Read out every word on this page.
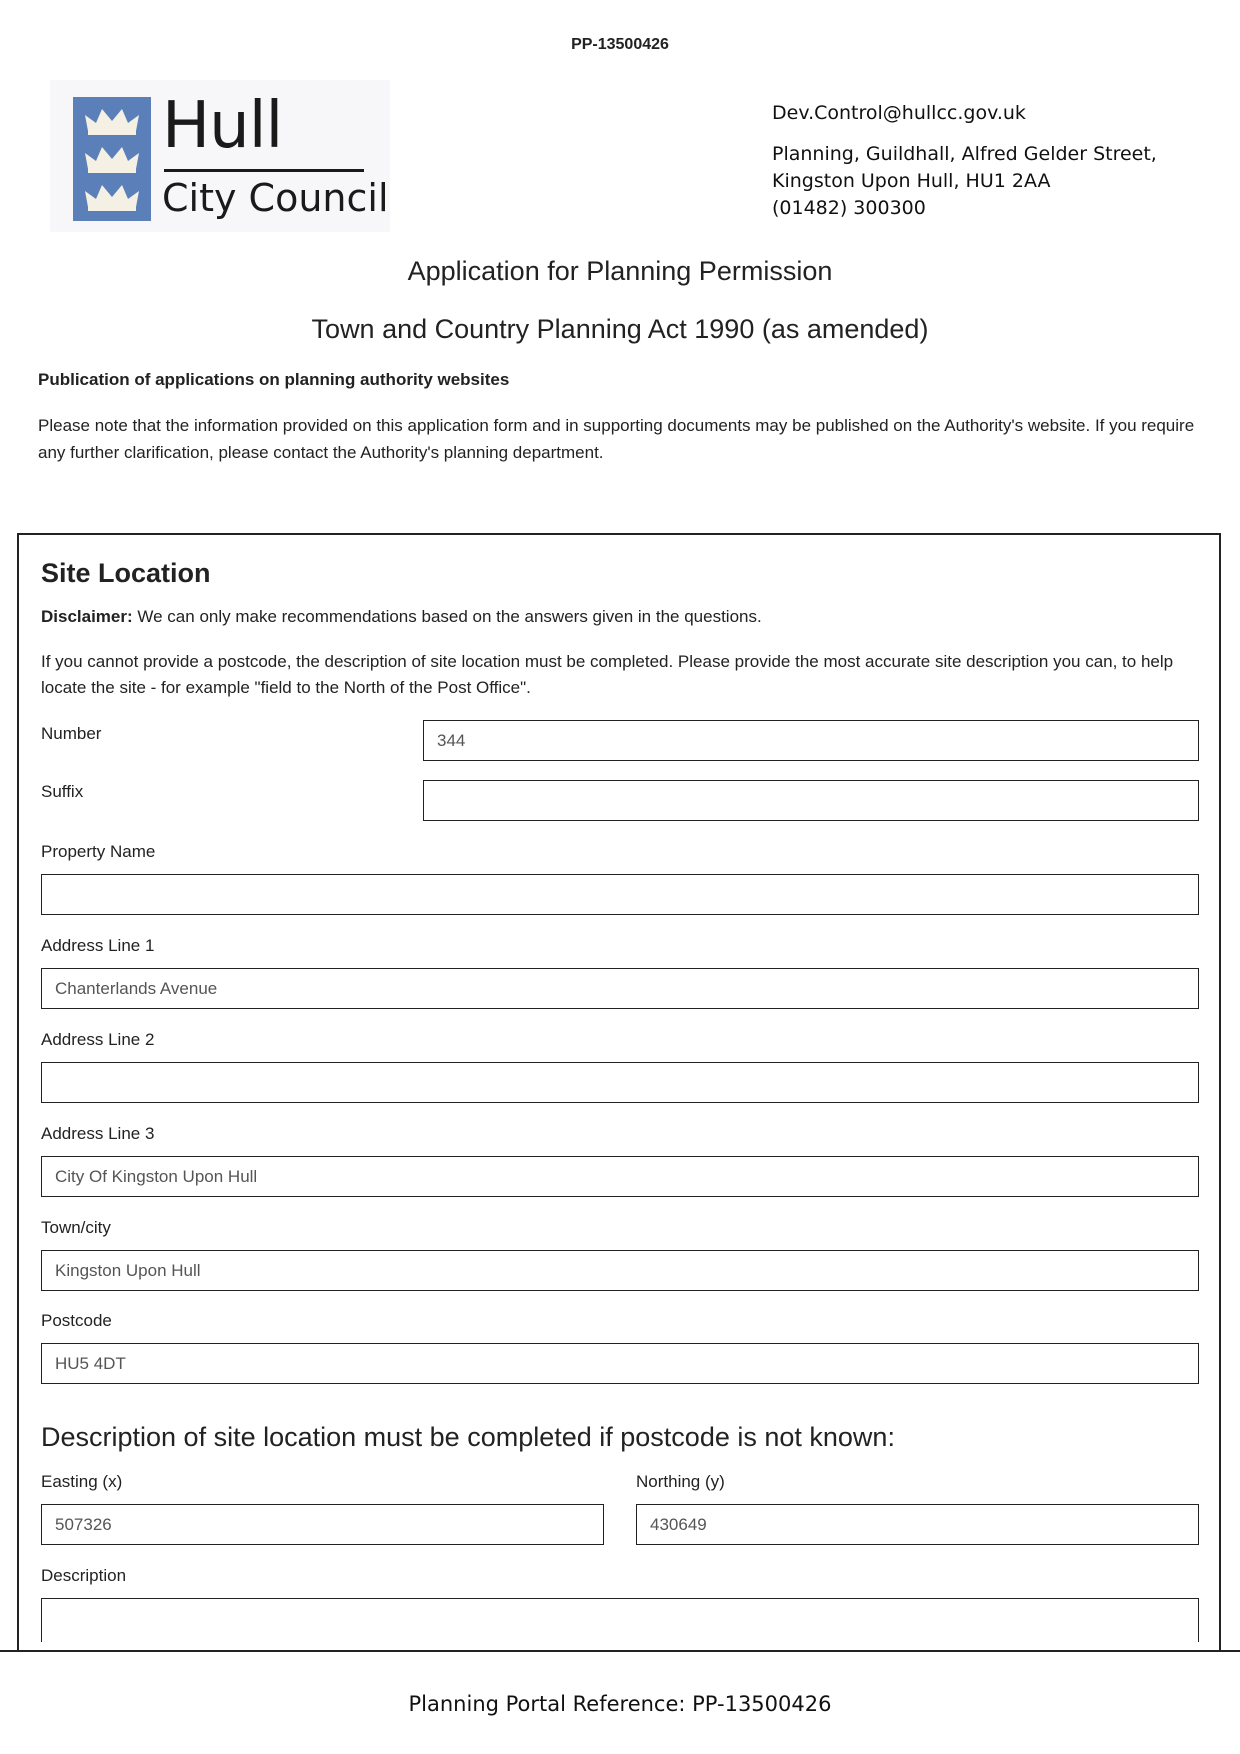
PP-13500426
Hull
City Council
Dev.Control@hullcc.gov.uk
Planning, Guildhall, Alfred Gelder Street,
Kingston Upon Hull, HU1 2AA
(01482) 300300
Application for Planning Permission
Town and Country Planning Act 1990 (as amended)
Publication of applications on planning authority websites
Please note that the information provided on this application form and in supporting documents may be published on the Authority's website. If you require any further clarification, please contact the Authority's planning department.
Site Location
Disclaimer: We can only make recommendations based on the answers given in the questions.
If you cannot provide a postcode, the description of site location must be completed. Please provide the most accurate site description you can, to help locate the site - for example "field to the North of the Post Office".
Number	344
Suffix
Property Name
Address Line 1
Chanterlands Avenue
Address Line 2
Address Line 3
City Of Kingston Upon Hull
Town/city
Kingston Upon Hull
Postcode
HU5 4DT
Description of site location must be completed if postcode is not known:
Easting (x)
507326
Northing (y)
430649
Description
Planning Portal Reference: PP-13500426
